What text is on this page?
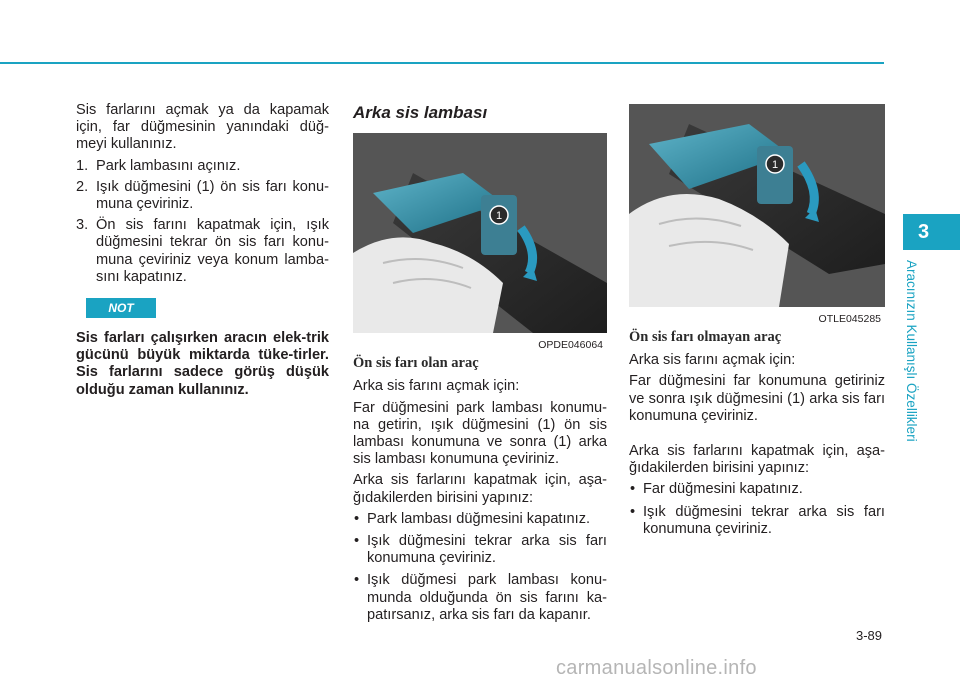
Sis farlarını açmak ya da kapamak için, far düğmesinin yanındaki düğ-meyi kullanınız.

1. Park lambasını açınız.
2. Işık düğmesini (1) ön sis farı konu-muna çeviriniz.
3. Ön sis farını kapatmak için, ışık düğmesini tekrar ön sis farı konu-muna çeviriniz veya konum lamba-sını kapatınız.
NOT

Sis farları çalışırken aracın elek-trik gücünü büyük miktarda tüke-tirler. Sis farlarını sadece görüş düşük olduğu zaman kullanınız.

Arka sis lambası
1
OPDE046064
Ön sis farı olan araç

Arka sis farını açmak için:

Far düğmesini park lambası konumu-na getirin, ışık düğmesini (1) ön sis lambası konumuna ve sonra (1) arka sis lambası konumuna çeviriniz.

Arka sis farlarını kapatmak için, aşa-ğıdakilerden birisini yapınız:

• Park lambası düğmesini kapatınız.
• Işık düğmesini tekrar arka sis farı konumuna çeviriniz.
• Işık düğmesi park lambası konu-munda olduğunda ön sis farını ka-patırsanız, arka sis farı da kapanır.
1
OTLE045285
Ön sis farı olmayan araç

Arka sis farını açmak için:

Far düğmesini far konumuna getiriniz ve sonra ışık düğmesini (1) arka sis farı konumuna çeviriniz.

Arka sis farlarını kapatmak için, aşa-ğıdakilerden birisini yapınız:

• Far düğmesini kapatınız.
• Işık düğmesini tekrar arka sis farı konumuna çeviriniz.
3
Aracınızın Kullanışlı Özellikleri
3-89
carmanualsonline.info
